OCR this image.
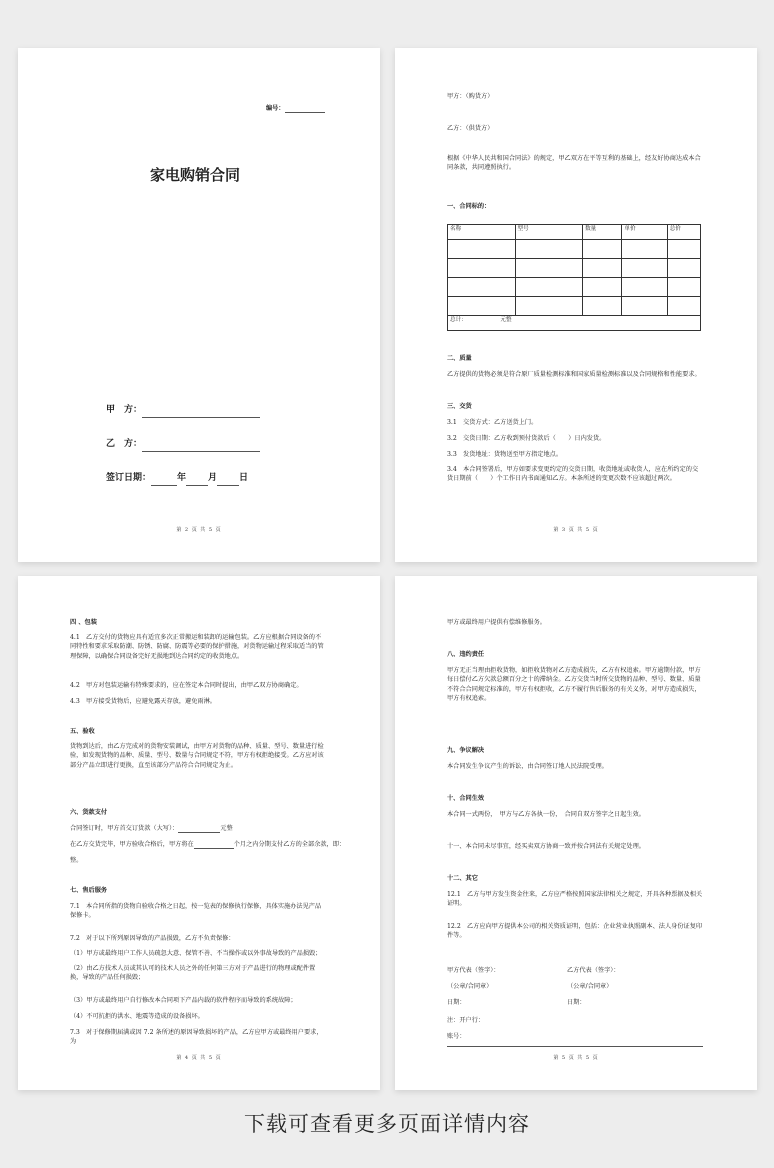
编号：
家电购销合同
甲　方：
乙　方：
签订日期：	年 月 日
第 2 页 共 5 页
甲方：（购货方）
乙方：（供货方）
根据《中华人民共和国合同法》的规定，甲乙双方在平等互利的基础上，经友好协商达成本合同条款，共同遵照执行。
一、合同标的：
名称	型号	数量	单价	总价

总计： 元整				
二、质量
乙方提供的货物必须是符合原厂质量检测标准和国家质量检测标准以及合同规格和性能要求。
三、交货
3.1　交货方式：乙方送货上门。
3.2　交货日期：乙方收到预付货款后（　　）日内发货。
3.3　发货地址：货物送至甲方指定地点。
3.4　本合同签署后，甲方如要求变更约定的交货日期，收货地址或收货人，应在所约定的交货日期前（　　）个工作日内书面通知乙方。本条所述的变更次数不应该超过两次。
第 3 页 共 5 页
四 、包装
4.1　乙方交付的货物应具有适宜多次正常搬运和装卸的运输包装。乙方应根据合同设备的不同特性和要求采取防潮、防锈、防腐、防震等必要的保护措施，对货物运输过程采取适当的管理保障，以确保合同设备完好无损地到达合同约定的收货地点。
4.2　甲方对包装运输有特殊要求的，应在签定本合同时提出，由甲乙双方协商确定。
4.3　甲方接受货物后，应避免露天存放，避免雨淋。
五、验收
货物到达后，由乙方完成对的货物安装调试，由甲方对货物的品种、质量、型号、数量进行检验，如发现货物的品种、质量、型号、数量与合同规定不符，甲方有权拒绝接受。乙方应对该部分产品立即进行更换，直至该部分产品符合合同规定为止。
六、货款支付
合同签订时，甲方首交订货款（大写）：	元整
在乙方交货完毕，甲方验收合格后，甲方将在	个月之内分期支付乙方的全部余款，即：
整。
七、售后服务
7.1　本合同所指的货物自验收合格之日起，按一览表的保修执行保修，具体实施办法见产品保修卡。
7.2　对于以下所列原因导致的产品损毁，乙方不负责保修：
（1）甲方或最终用户工作人员疏忽大意、保管不善、不当操作或以外事故导致的产品损毁；
（2）由乙方技术人员或其认可的技术人员之外的任何第三方对于产品进行的物理或配件置换，导致的产品任何损毁；
（3）甲方或最终用户自行修改本合同项下产品内载的软件程序而导致的系统故障；
（4）不可抗拒的洪水、地震等造成的设备损坏。
7.3　对于保修期届满或因 7.2 条所述的原因导致损坏的产品，乙方应甲方或最终用户要求，为
第 4 页 共 5 页
甲方或最终用户提供有偿维修服务。
八、违约责任
甲方无正当理由拒收货物，如拒收货物对乙方造成损失，乙方有权追索。甲方逾期付款，甲方每日偿付乙方欠款总额百分之十的滞纳金。乙方交货当时所交货物的品种、型号、数量、质量不符合合同规定标准的，甲方有权拒收，乙方不履行售后服务的有关义务，对甲方造成损失，甲方有权追索。
九、争议解决
本合同发生争议产生的诉讼，由合同签订地人民法院受理。
十、合同生效
本合同一式两份，　甲方与乙方各执一份，　合同自双方签字之日起生效。
十一、本合同未尽事宜，经买卖双方协商一致并按合同法有关规定处理。
十二、其它
12.1　乙方与甲方发生资金往来，乙方应严格按照国家法律相关之规定，开具各种票据及相关证明。
12.2　乙方应向甲方提供本公司的相关资质证明，包括：企业营业执照副本、法人身份证复印件等。
甲方代表（签字）：	乙方代表（签字）：
（公章/合同章）	（公章/合同章）
日期：	日期：
注：开户行：
账号：
第 5 页 共 5 页
下载可查看更多页面详情内容
